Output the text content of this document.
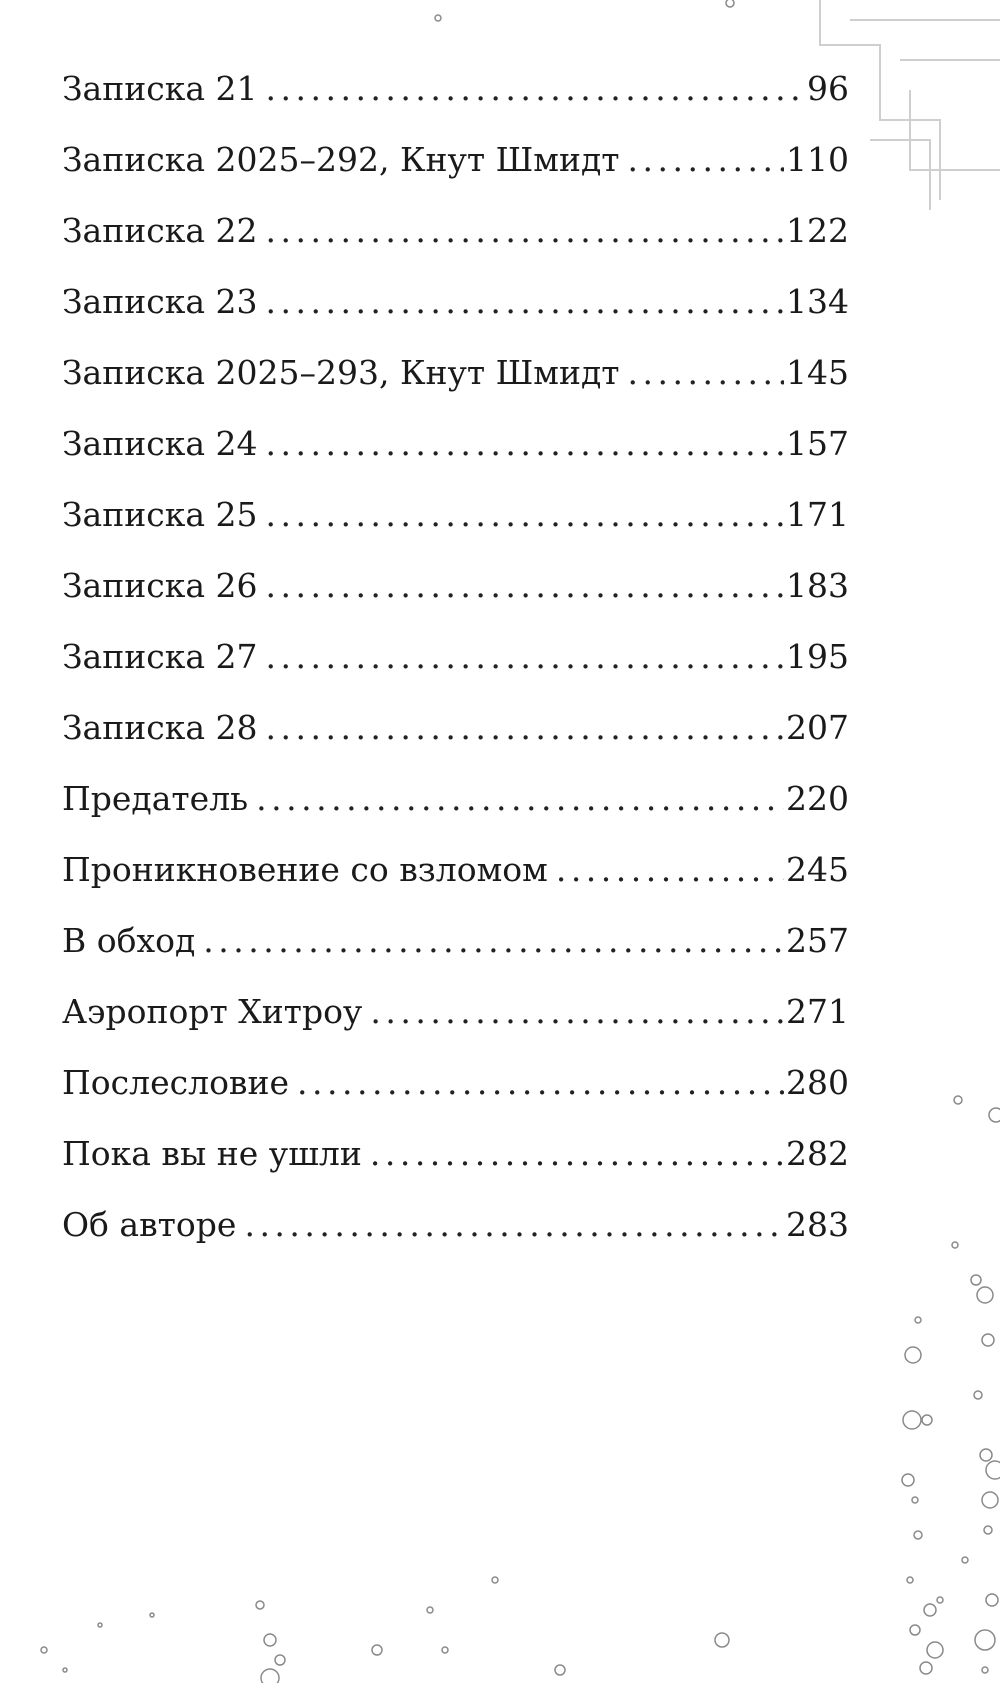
Записка 21 .....	96
Записка 2025–292, Кнут Шмидт .....	110
Записка 22 .....	122
Записка 23 .....	134
Записка 2025–293, Кнут Шмидт .....	145
Записка 24 .....	157
Записка 25 .....	171
Записка 26 .....	183
Записка 27 .....	195
Записка 28 .....	207
Предатель .....	220
Проникновение со взломом .....	245
В обход .....	257
Аэропорт Хитроу .....	271
Послесловие .....	280
Пока вы не ушли .....	282
Об авторе .....	283
